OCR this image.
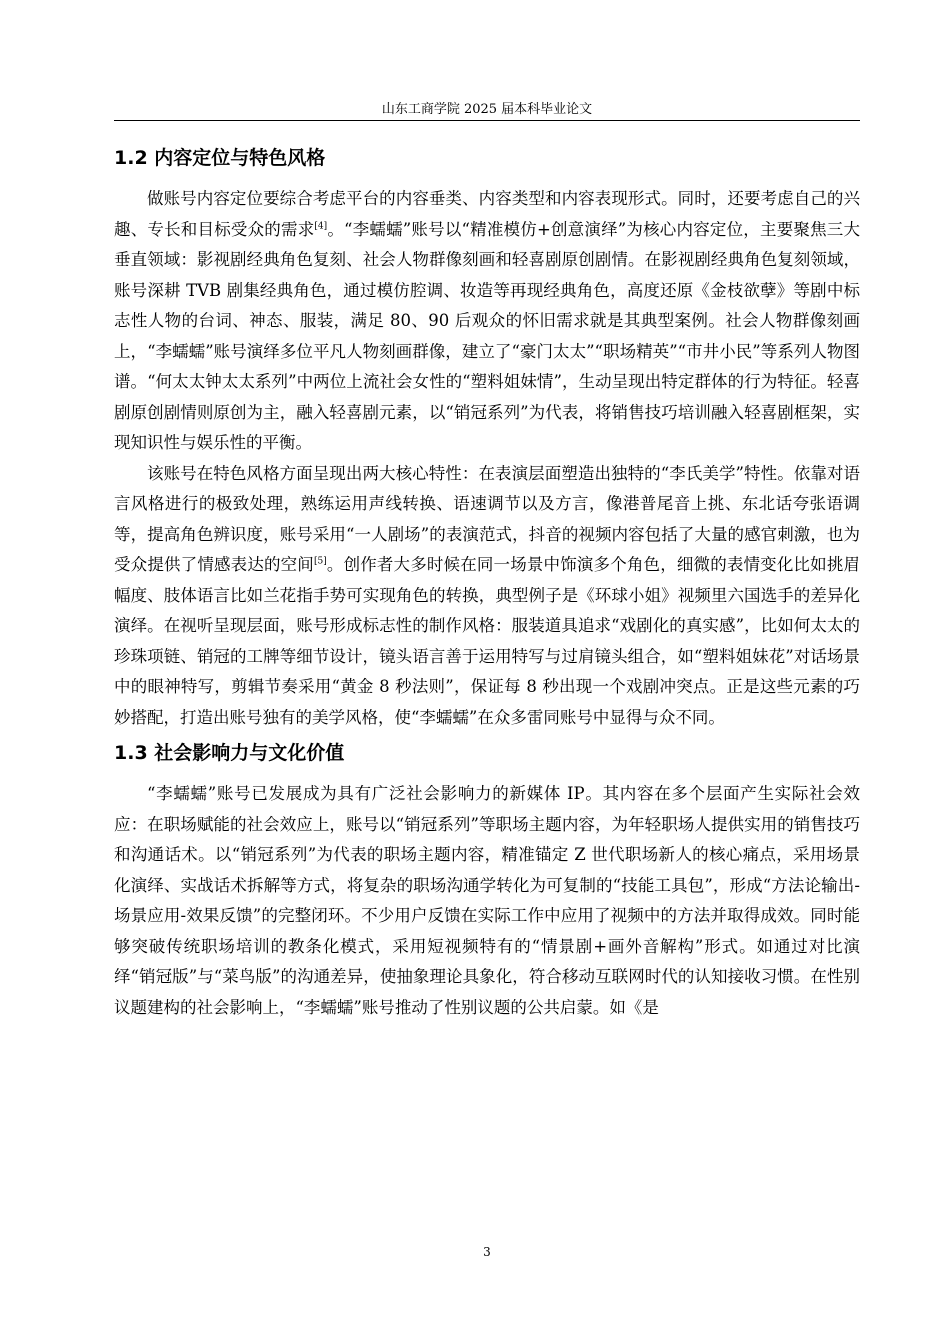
山东工商学院 2025 届本科毕业论文
1.2 内容定位与特色风格

做账号内容定位要综合考虑平台的内容垂类、内容类型和内容表现形式。同时，还要考虑自己的兴趣、专长和目标受众的需求[4]。“李蠕蠕”账号以“精准模仿+创意演绎”为核心内容定位，主要聚焦三大垂直领域：影视剧经典角色复刻、社会人物群像刻画和轻喜剧原创剧情。在影视剧经典角色复刻领域，账号深耕 TVB 剧集经典角色，通过模仿腔调、妆造等再现经典角色，高度还原《金枝欲孽》等剧中标志性人物的台词、神态、服装，满足 80、90 后观众的怀旧需求就是其典型案例。社会人物群像刻画上，“李蠕蠕”账号演绎多位平凡人物刻画群像，建立了“豪门太太”“职场精英”“市井小民”等系列人物图谱。“何太太钟太太系列”中两位上流社会女性的“塑料姐妹情”，生动呈现出特定群体的行为特征。轻喜剧原创剧情则原创为主，融入轻喜剧元素，以“销冠系列”为代表，将销售技巧培训融入轻喜剧框架，实现知识性与娱乐性的平衡。

该账号在特色风格方面呈现出两大核心特性：在表演层面塑造出独特的“李氏美学”特性。依靠对语言风格进行的极致处理，熟练运用声线转换、语速调节以及方言，像港普尾音上挑、东北话夸张语调等，提高角色辨识度，账号采用“一人剧场”的表演范式，抖音的视频内容包括了大量的感官刺激，也为受众提供了情感表达的空间[5]。创作者大多时候在同一场景中饰演多个角色，细微的表情变化比如挑眉幅度、肢体语言比如兰花指手势可实现角色的转换，典型例子是《环球小姐》视频里六国选手的差异化演绎。在视听呈现层面，账号形成标志性的制作风格：服装道具追求“戏剧化的真实感”，比如何太太的珍珠项链、销冠的工牌等细节设计，镜头语言善于运用特写与过肩镜头组合，如“塑料姐妹花”对话场景中的眼神特写，剪辑节奏采用“黄金 8 秒法则”，保证每 8 秒出现一个戏剧冲突点。正是这些元素的巧妙搭配，打造出账号独有的美学风格，使“李蠕蠕”在众多雷同账号中显得与众不同。

1.3 社会影响力与文化价值

“李蠕蠕”账号已发展成为具有广泛社会影响力的新媒体 IP。其内容在多个层面产生实际社会效应：在职场赋能的社会效应上，账号以“销冠系列”等职场主题内容，为年轻职场人提供实用的销售技巧和沟通话术。以“销冠系列”为代表的职场主题内容，精准锚定 Z 世代职场新人的核心痛点，采用场景化演绎、实战话术拆解等方式，将复杂的职场沟通学转化为可复制的“技能工具包”，形成“方法论输出-场景应用-效果反馈”的完整闭环。不少用户反馈在实际工作中应用了视频中的方法并取得成效。同时能够突破传统职场培训的教条化模式，采用短视频特有的“情景剧+画外音解构”形式。如通过对比演绎“销冠版”与“菜鸟版”的沟通差异，使抽象理论具象化，符合移动互联网时代的认知接收习惯。在性别议题建构的社会影响上，“李蠕蠕”账号推动了性别议题的公共启蒙。如《是

3
